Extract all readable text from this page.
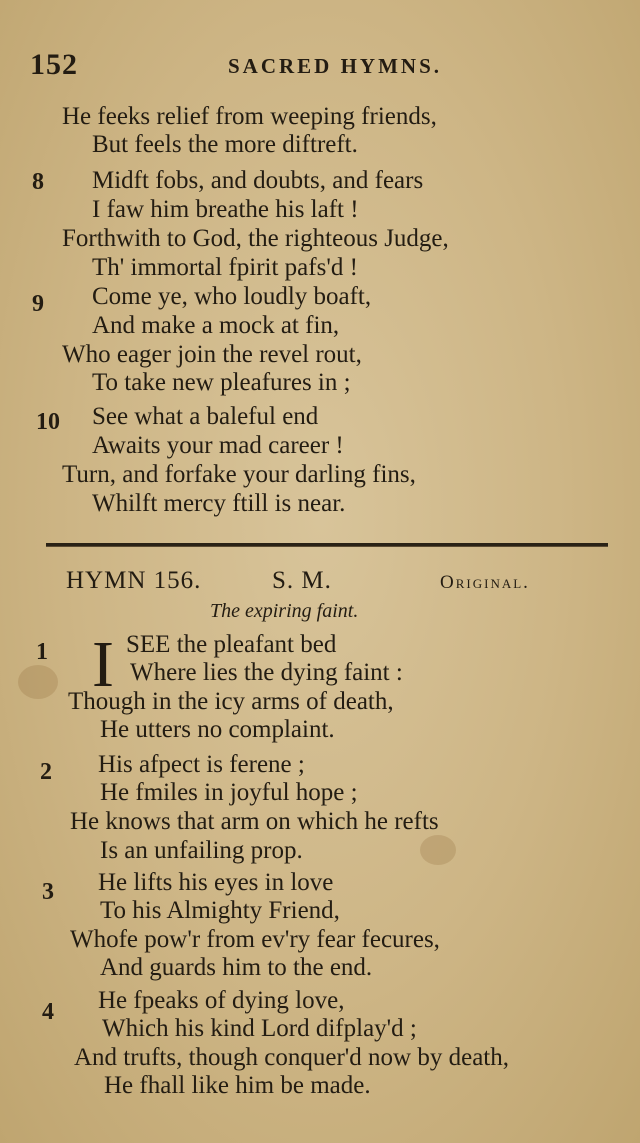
152	SACRED HYMNS.
He feeks relief from weeping friends,
But feels the more diftreft.
8 Midft fobs, and doubts, and fears
I faw him breathe his laft !
Forthwith to God, the righteous Judge,
Th' immortal fpirit pafs'd !
9 Come ye, who loudly boaft,
And make a mock at fin,
Who eager join the revel rout,
To take new pleafures in ;
10 See what a baleful end
Awaits your mad career !
Turn, and forfake your darling fins,
Whilft mercy ftill is near.
HYMN 156.	S. M.	Original.
The expiring faint.
1 I SEE the pleafant bed
Where lies the dying faint :
Though in the icy arms of death,
He utters no complaint.
2 His afpect is ferene ;
He fmiles in joyful hope ;
He knows that arm on which he refts
Is an unfailing prop.
3 He lifts his eyes in love
To his Almighty Friend,
Whofe pow'r from ev'ry fear fecures,
And guards him to the end.
4 He fpeaks of dying love,
Which his kind Lord difplay'd ;
And trufts, though conquer'd now by death,
He fhall like him be made.
